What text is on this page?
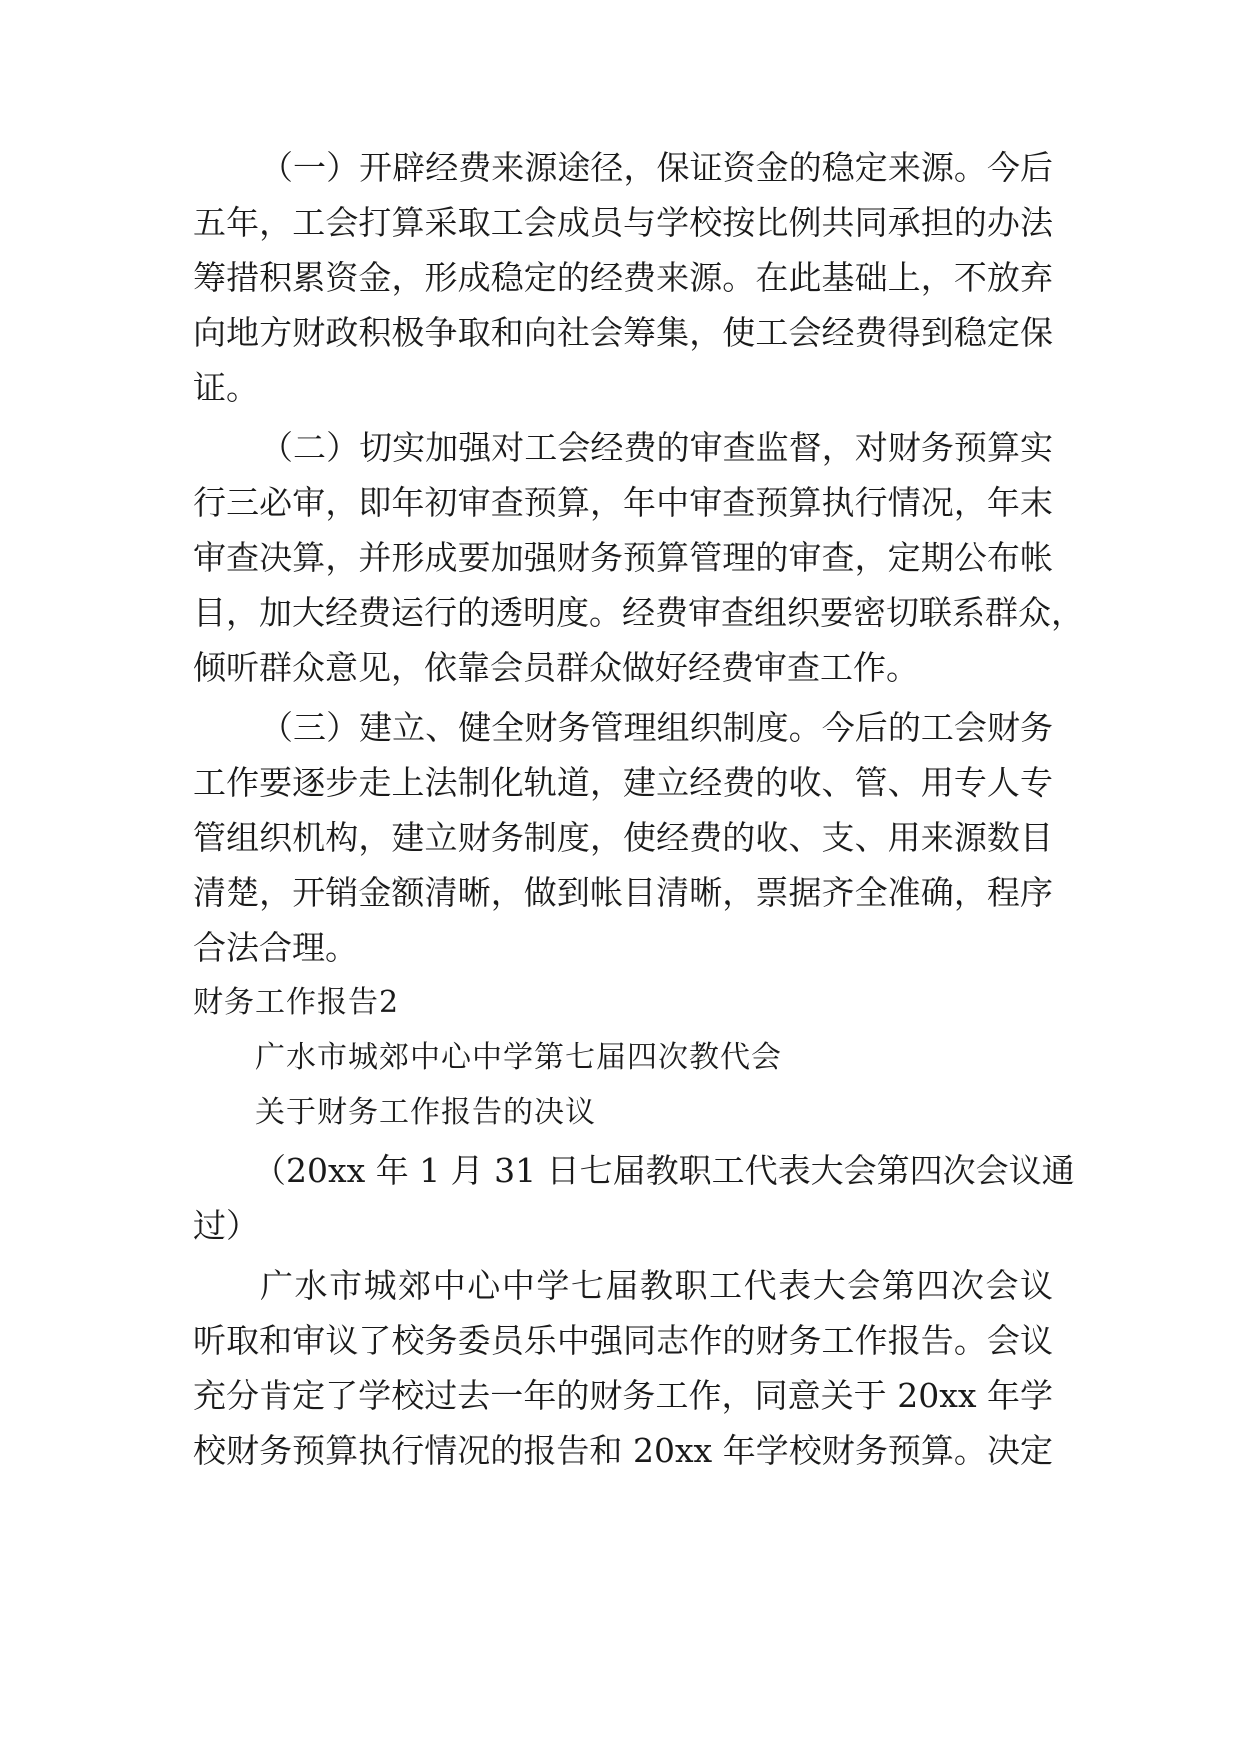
（一）开辟经费来源途径，保证资金的稳定来源。今后
五年，工会打算采取工会成员与学校按比例共同承担的办法
筹措积累资金，形成稳定的经费来源。在此基础上，不放弃
向地方财政积极争取和向社会筹集，使工会经费得到稳定保
证。
（二）切实加强对工会经费的审查监督，对财务预算实
行三必审，即年初审查预算，年中审查预算执行情况，年末
审查决算，并形成要加强财务预算管理的审查，定期公布帐
目，加大经费运行的透明度。经费审查组织要密切联系群众，
倾听群众意见，依靠会员群众做好经费审查工作。
（三）建立、健全财务管理组织制度。今后的工会财务
工作要逐步走上法制化轨道，建立经费的收、管、用专人专
管组织机构，建立财务制度，使经费的收、支、用来源数目
清楚，开销金额清晰，做到帐目清晰，票据齐全准确，程序
合法合理。
财务工作报告2
广水市城郊中心中学第七届四次教代会
关于财务工作报告的决议
（20xx 年 1 月 31 日七届教职工代表大会第四次会议通
过）
广水市城郊中心中学七届教职工代表大会第四次会议
听取和审议了校务委员乐中强同志作的财务工作报告。会议
充分肯定了学校过去一年的财务工作，同意关于 20xx 年学
校财务预算执行情况的报告和 20xx 年学校财务预算。决定
